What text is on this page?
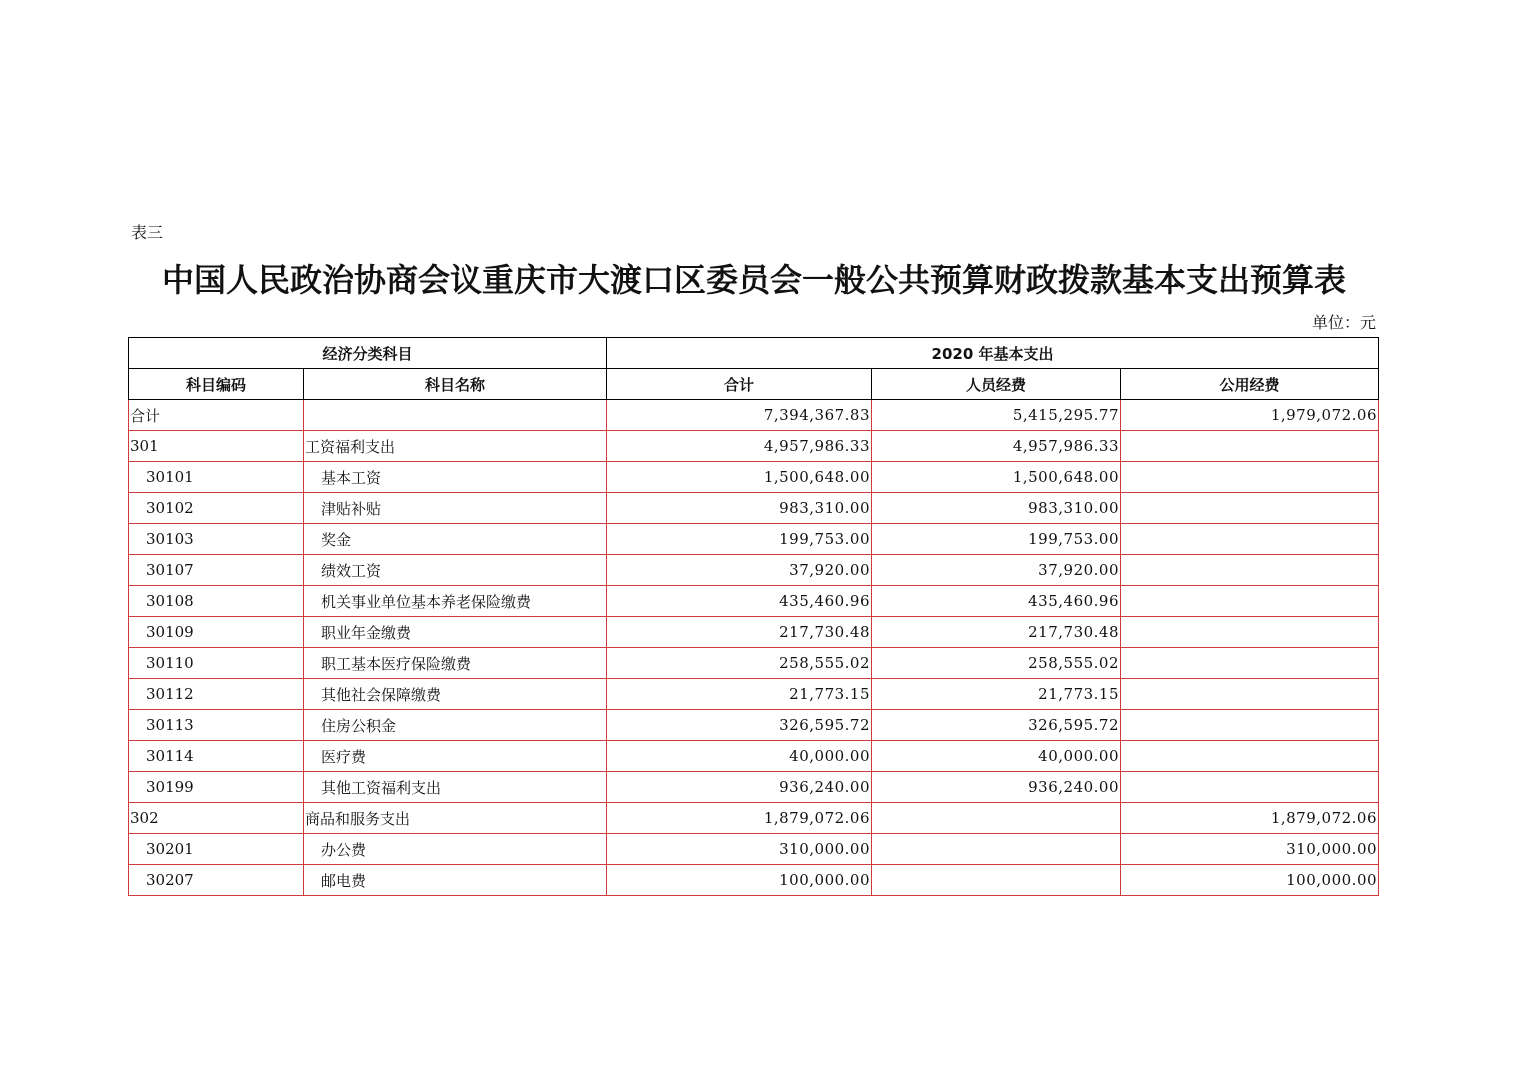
表三
中国人民政治协商会议重庆市大渡口区委员会一般公共预算财政拨款基本支出预算表
单位：元
经济分类科目		2020 年基本支出		
科目编码	科目名称	合计	人员经费	公用经费
合计		7,394,367.83	5,415,295.77	1,979,072.06
301	工资福利支出	4,957,986.33	4,957,986.33	
30101	基本工资	1,500,648.00	1,500,648.00	
30102	津贴补贴	983,310.00	983,310.00	
30103	奖金	199,753.00	199,753.00	
30107	绩效工资	37,920.00	37,920.00	
30108	机关事业单位基本养老保险缴费	435,460.96	435,460.96	
30109	职业年金缴费	217,730.48	217,730.48	
30110	职工基本医疗保险缴费	258,555.02	258,555.02	
30112	其他社会保障缴费	21,773.15	21,773.15	
30113	住房公积金	326,595.72	326,595.72	
30114	医疗费	40,000.00	40,000.00	
30199	其他工资福利支出	936,240.00	936,240.00	
302	商品和服务支出	1,879,072.06		1,879,072.06
30201	办公费	310,000.00		310,000.00
30207	邮电费	100,000.00		100,000.00
